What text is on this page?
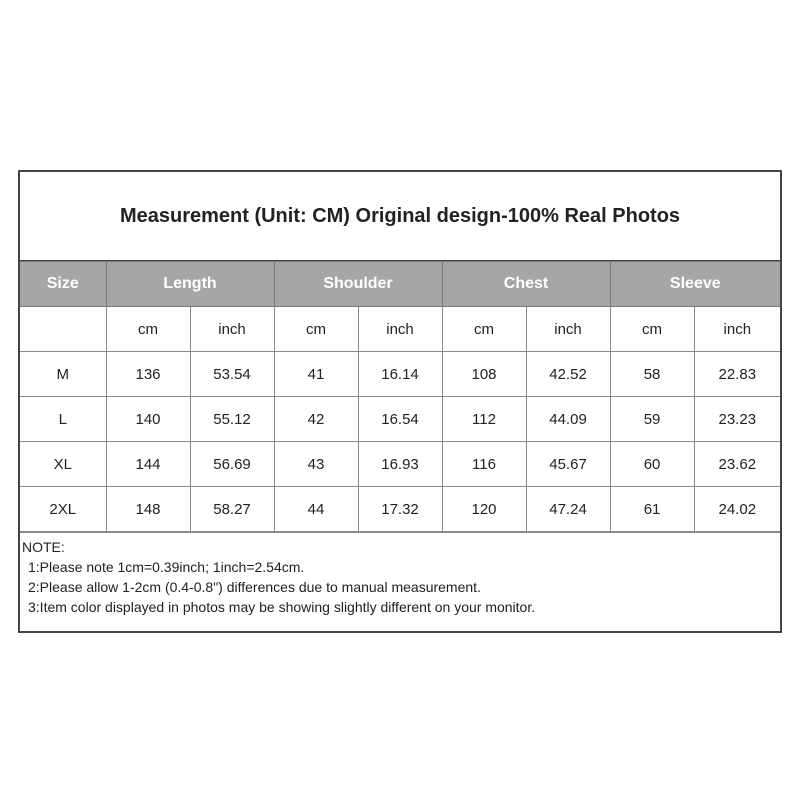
Measurement (Unit: CM) Original design-100% Real Photos
Size	Length		Shoulder		Chest		Sleeve	
	cm	inch	cm	inch	cm	inch	cm	inch
M	136	53.54	41	16.14	108	42.52	58	22.83
L	140	55.12	42	16.54	112	44.09	59	23.23
XL	144	56.69	43	16.93	116	45.67	60	23.62
2XL	148	58.27	44	17.32	120	47.24	61	24.02
NOTE:
1:Please note 1cm=0.39inch; 1inch=2.54cm.
2:Please allow 1-2cm (0.4-0.8") differences due to manual measurement.
3:Item color displayed in photos may be showing slightly different on your monitor.
